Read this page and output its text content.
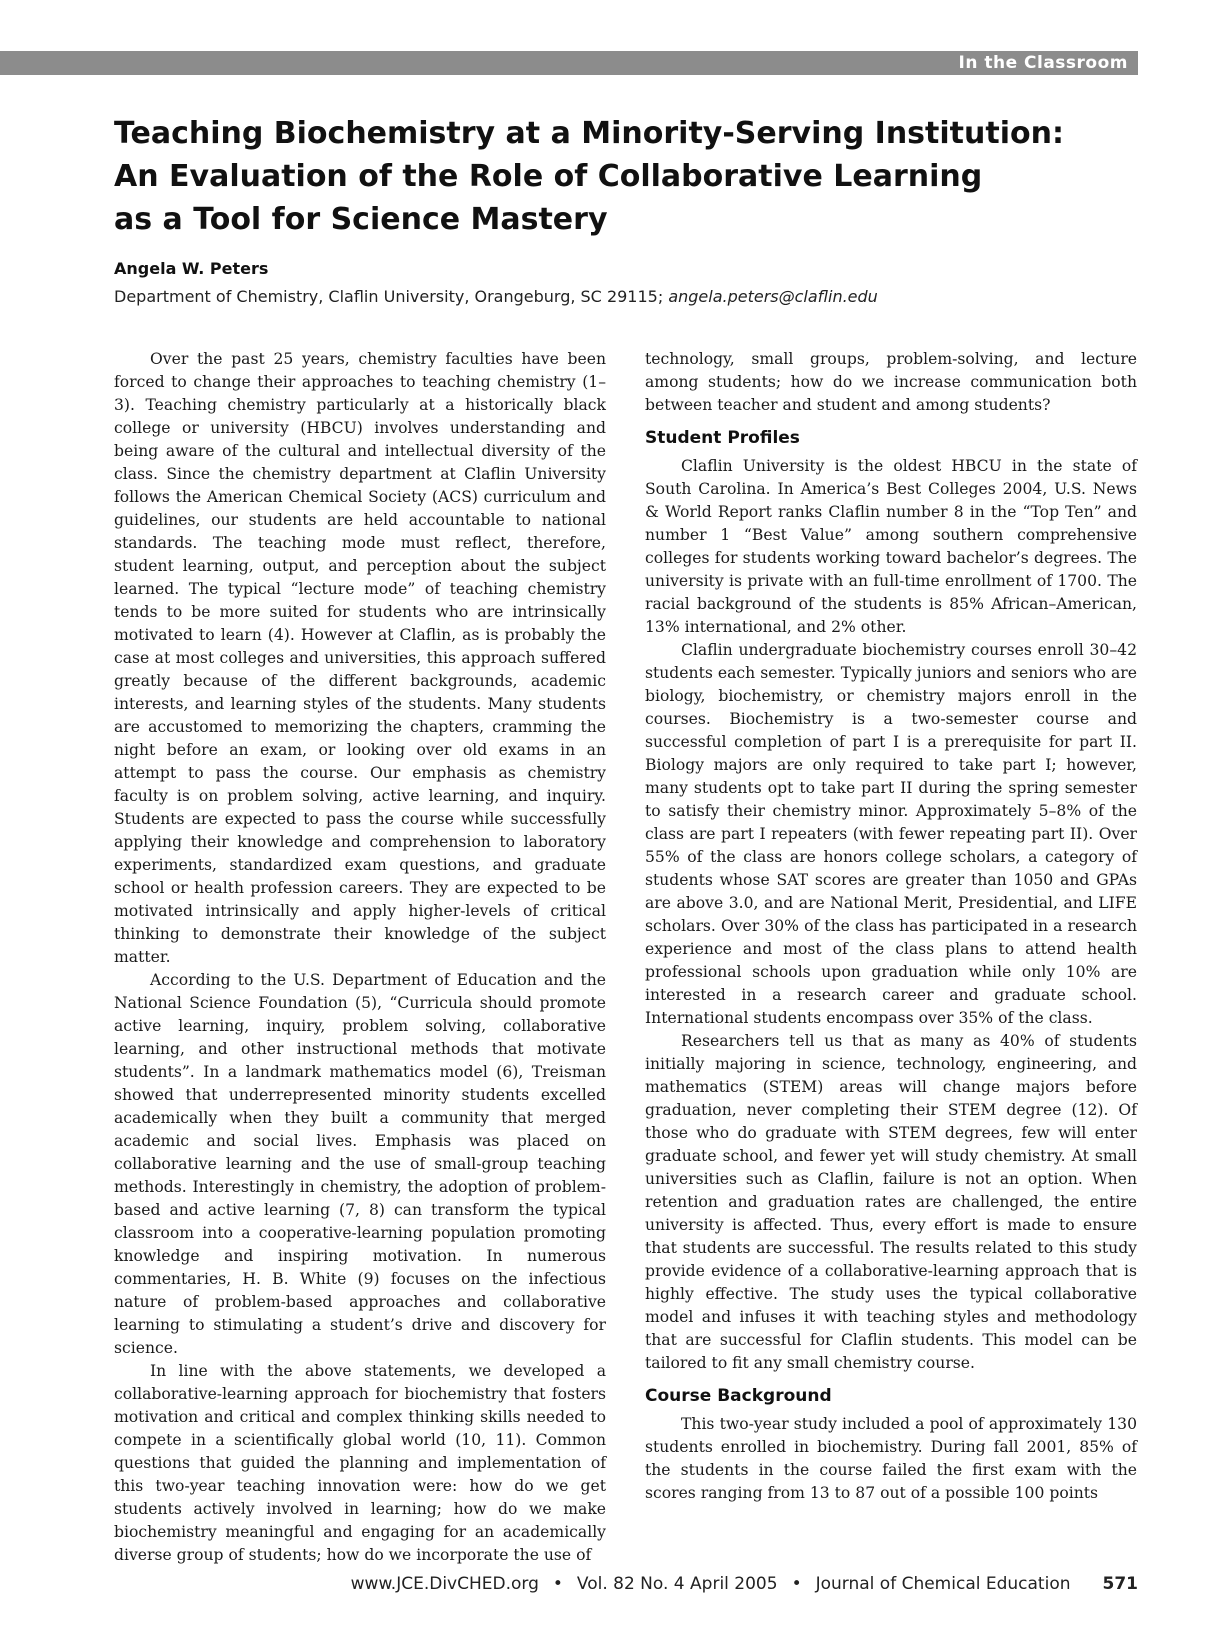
In the Classroom
Teaching Biochemistry at a Minority-Serving Institution:
An Evaluation of the Role of Collaborative Learning
as a Tool for Science Mastery
Angela W. Peters
Department of Chemistry, Claflin University, Orangeburg, SC 29115; angela.peters@claflin.edu

Over the past 25 years, chemistry faculties have been forced to change their approaches to teaching chemistry (1–3). Teaching chemistry particularly at a historically black college or university (HBCU) involves understanding and being aware of the cultural and intellectual diversity of the class. Since the chemistry department at Claflin University follows the American Chemical Society (ACS) curriculum and guidelines, our students are held accountable to national standards. The teaching mode must reflect, therefore, student learning, output, and perception about the subject learned. The typical “lecture mode” of teaching chemistry tends to be more suited for students who are intrinsically motivated to learn (4). However at Claflin, as is probably the case at most colleges and universities, this approach suffered greatly because of the different backgrounds, academic interests, and learning styles of the students. Many students are accustomed to memorizing the chapters, cramming the night before an exam, or looking over old exams in an attempt to pass the course. Our emphasis as chemistry faculty is on problem solving, active learning, and inquiry. Students are expected to pass the course while successfully applying their knowledge and comprehension to laboratory experiments, standardized exam questions, and graduate school or health profession careers. They are expected to be motivated intrinsically and apply higher-levels of critical thinking to demonstrate their knowledge of the subject matter.

According to the U.S. Department of Education and the National Science Foundation (5), “Curricula should promote active learning, inquiry, problem solving, collaborative learning, and other instructional methods that motivate students”. In a landmark mathematics model (6), Treisman showed that underrepresented minority students excelled academically when they built a community that merged academic and social lives. Emphasis was placed on collaborative learning and the use of small-group teaching methods. Interestingly in chemistry, the adoption of problem-based and active learning (7, 8) can transform the typical classroom into a cooperative-learning population promoting knowledge and inspiring motivation. In numerous commentaries, H. B. White (9) focuses on the infectious nature of problem-based approaches and collaborative learning to stimulating a student’s drive and discovery for science.

In line with the above statements, we developed a collaborative-learning approach for biochemistry that fosters motivation and critical and complex thinking skills needed to compete in a scientifically global world (10, 11). Common questions that guided the planning and implementation of this two-year teaching innovation were: how do we get students actively involved in learning; how do we make biochemistry meaningful and engaging for an academically diverse group of students; how do we incorporate the use of

technology, small groups, problem-solving, and lecture among students; how do we increase communication both between teacher and student and among students?

Student Profiles

Claflin University is the oldest HBCU in the state of South Carolina. In America’s Best Colleges 2004, U.S. News & World Report ranks Claflin number 8 in the “Top Ten” and number 1 “Best Value” among southern comprehensive colleges for students working toward bachelor’s degrees. The university is private with an full-time enrollment of 1700. The racial background of the students is 85% African–American, 13% international, and 2% other.

Claflin undergraduate biochemistry courses enroll 30–42 students each semester. Typically juniors and seniors who are biology, biochemistry, or chemistry majors enroll in the courses. Biochemistry is a two-semester course and successful completion of part I is a prerequisite for part II. Biology majors are only required to take part I; however, many students opt to take part II during the spring semester to satisfy their chemistry minor. Approximately 5–8% of the class are part I repeaters (with fewer repeating part II). Over 55% of the class are honors college scholars, a category of students whose SAT scores are greater than 1050 and GPAs are above 3.0, and are National Merit, Presidential, and LIFE scholars. Over 30% of the class has participated in a research experience and most of the class plans to attend health professional schools upon graduation while only 10% are interested in a research career and graduate school. International students encompass over 35% of the class.

Researchers tell us that as many as 40% of students initially majoring in science, technology, engineering, and mathematics (STEM) areas will change majors before graduation, never completing their STEM degree (12). Of those who do graduate with STEM degrees, few will enter graduate school, and fewer yet will study chemistry. At small universities such as Claflin, failure is not an option. When retention and graduation rates are challenged, the entire university is affected. Thus, every effort is made to ensure that students are successful. The results related to this study provide evidence of a collaborative-learning approach that is highly effective. The study uses the typical collaborative model and infuses it with teaching styles and methodology that are successful for Claflin students. This model can be tailored to fit any small chemistry course.

Course Background

This two-year study included a pool of approximately 130 students enrolled in biochemistry. During fall 2001, 85% of the students in the course failed the first exam with the scores ranging from 13 to 87 out of a possible 100 points

www.JCE.DivCHED.org • Vol. 82 No. 4 April 2005 • Journal of Chemical Education 571
